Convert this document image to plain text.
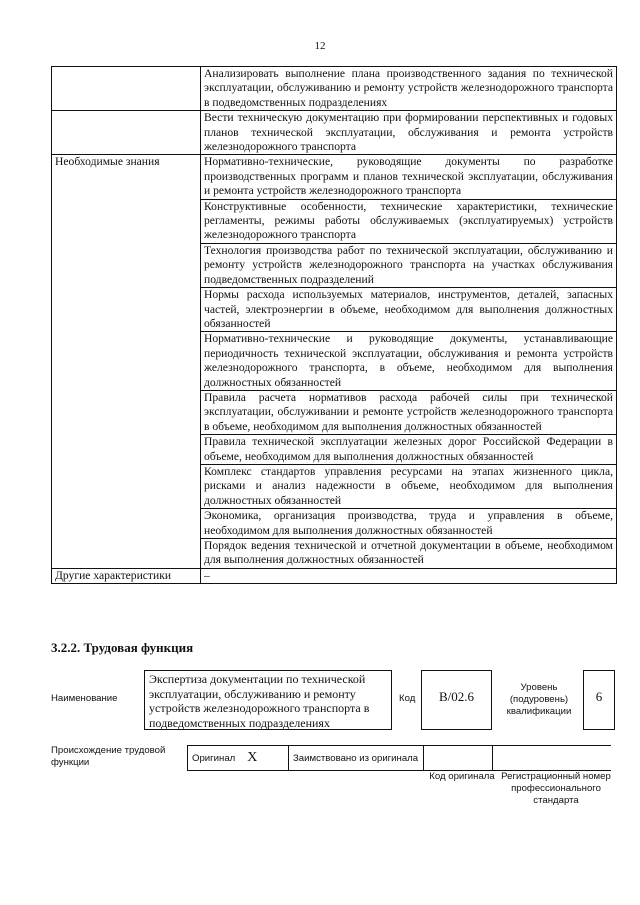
12

	Анализировать выполнение плана производственного задания по технической эксплуатации, обслуживанию и ремонту устройств железнодорожного транспорта в подведомственных подразделениях

	Вести техническую документацию при формировании перспективных и годовых планов технической эксплуатации, обслуживания и ремонта устройств железнодорожного транспорта

Необходимые знания	Нормативно-технические, руководящие документы по разработке производственных программ и планов технической эксплуатации, обслуживания и ремонта устройств железнодорожного транспорта

	Конструктивные особенности, технические характеристики, технические регламенты, режимы работы обслуживаемых (эксплуатируемых) устройств железнодорожного транспорта

	Технология производства работ по технической эксплуатации, обслуживанию и ремонту устройств железнодорожного транспорта на участках обслуживания подведомственных подразделений

	Нормы расхода используемых материалов, инструментов, деталей, запасных частей, электроэнергии в объеме, необходимом для выполнения должностных обязанностей

	Нормативно-технические и руководящие документы, устанавливающие периодичность технической эксплуатации, обслуживания и ремонта устройств железнодорожного транспорта, в объеме, необходимом для выполнения должностных обязанностей

	Правила расчета нормативов расхода рабочей силы при технической эксплуатации, обслуживании и ремонте устройств железнодорожного транспорта в объеме, необходимом для выполнения должностных обязанностей

	Правила технической эксплуатации железных дорог Российской Федерации в объеме, необходимом для выполнения должностных обязанностей

	Комплекс стандартов управления ресурсами на этапах жизненного цикла, рисками и анализ надежности в объеме, необходимом для выполнения должностных обязанностей

	Экономика, организация производства, труда и управления в объеме, необходимом для выполнения должностных обязанностей

	Порядок ведения технической и отчетной документации в объеме, необходимом для выполнения должностных обязанностей

Другие характеристики	–
3.2.2. Трудовая функция
Наименование
Экспертиза документации по технической эксплуатации, обслуживанию и ремонту устройств железнодорожного транспорта в подведомственных подразделениях
Код	B/02.6
Уровень (подуровень) квалификации
6
Происхождение трудовой функции	Оригинал X	Заимствовано из оригинала		
Код оригинала Регистрационный номер профессионального стандарта
